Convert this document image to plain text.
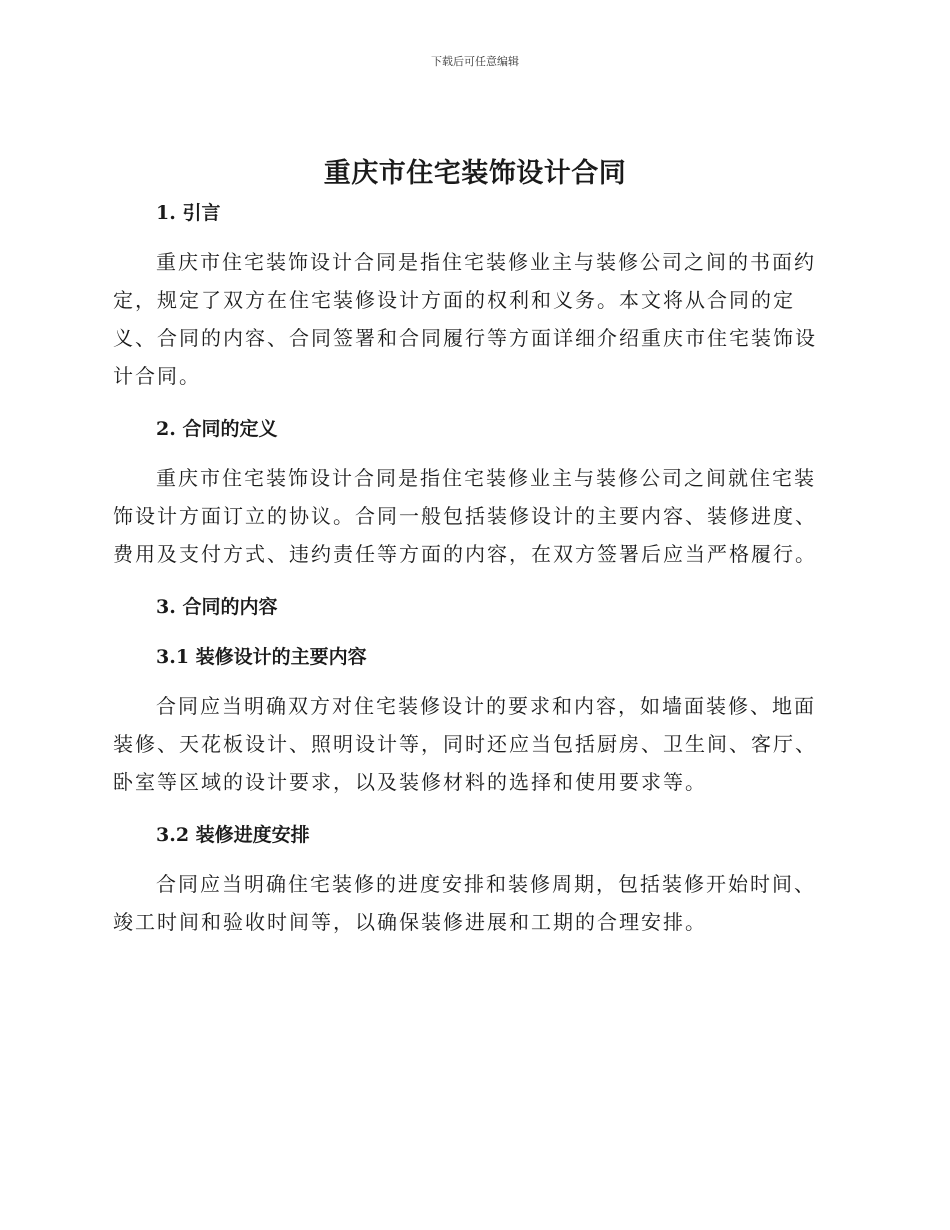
下载后可任意编辑
重庆市住宅装饰设计合同
1. 引言

重庆市住宅装饰设计合同是指住宅装修业主与装修公司之间的书面约定，规定了双方在住宅装修设计方面的权利和义务。本文将从合同的定义、合同的内容、合同签署和合同履行等方面详细介绍重庆市住宅装饰设计合同。

2. 合同的定义

重庆市住宅装饰设计合同是指住宅装修业主与装修公司之间就住宅装饰设计方面订立的协议。合同一般包括装修设计的主要内容、装修进度、费用及支付方式、违约责任等方面的内容，在双方签署后应当严格履行。

3. 合同的内容
3.1 装修设计的主要内容

合同应当明确双方对住宅装修设计的要求和内容，如墙面装修、地面装修、天花板设计、照明设计等，同时还应当包括厨房、卫生间、客厅、卧室等区域的设计要求，以及装修材料的选择和使用要求等。

3.2 装修进度安排

合同应当明确住宅装修的进度安排和装修周期，包括装修开始时间、竣工时间和验收时间等，以确保装修进展和工期的合理安排。
